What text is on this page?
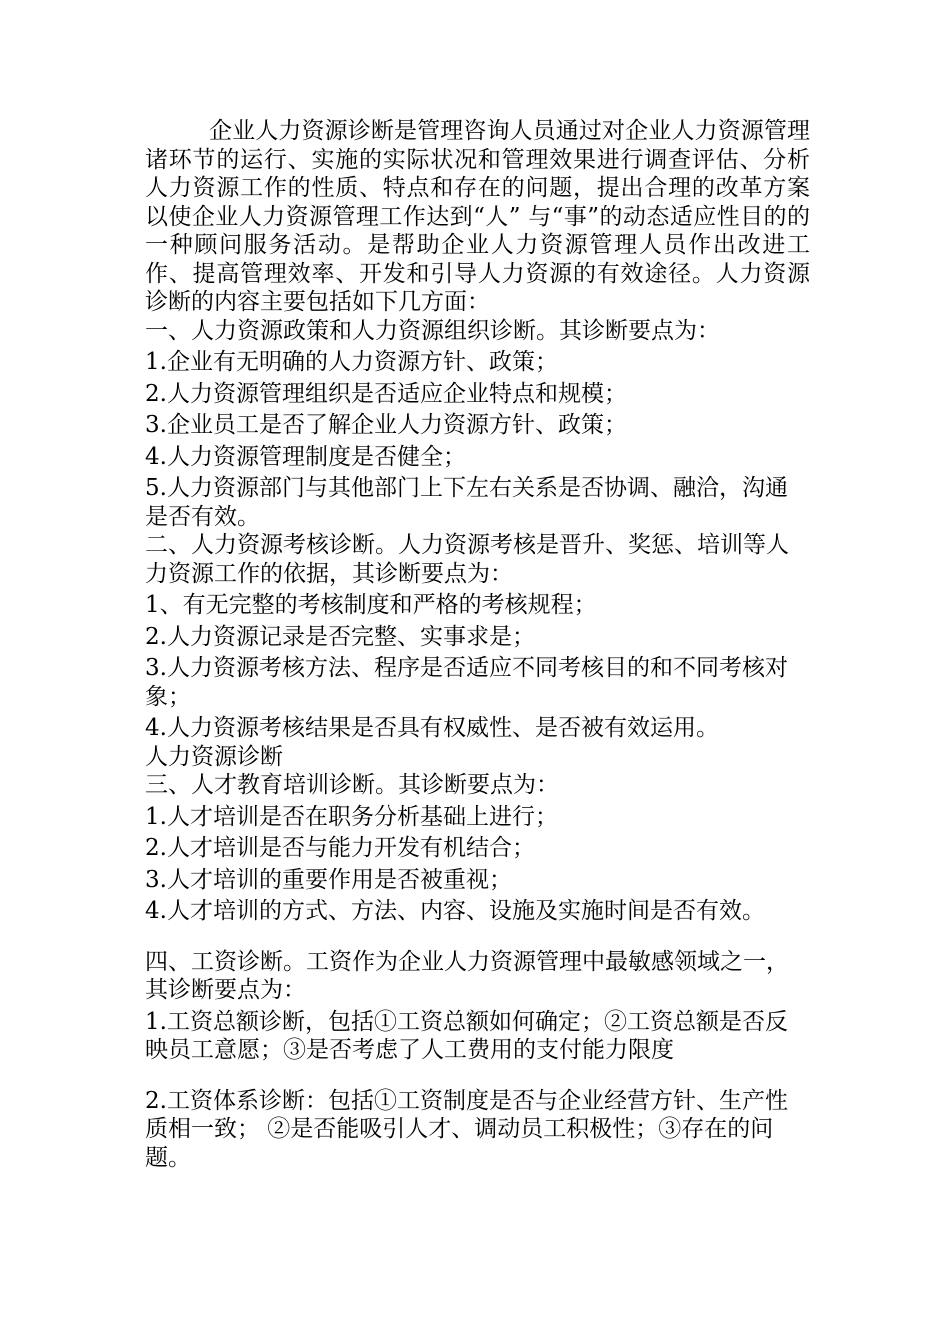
企业人力资源诊断是管理咨询人员通过对企业人力资源管理诸环节的运行、实施的实际状况和管理效果进行调查评估、分析人力资源工作的性质、特点和存在的问题，提出合理的改革方案以使企业人力资源管理工作达到“人” 与“事”的动态适应性目的的一种顾问服务活动。是帮助企业人力资源管理人员作出改进工作、提高管理效率、开发和引导人力资源的有效途径。人力资源诊断的内容主要包括如下几方面：

一、人力资源政策和人力资源组织诊断。其诊断要点为：

1.企业有无明确的人力资源方针、政策；

2.人力资源管理组织是否适应企业特点和规模；

3.企业员工是否了解企业人力资源方针、政策；

4.人力资源管理制度是否健全；

5.人力资源部门与其他部门上下左右关系是否协调、融洽，沟通是否有效。

二、人力资源考核诊断。人力资源考核是晋升、奖惩、培训等人力资源工作的依据，其诊断要点为：

1、有无完整的考核制度和严格的考核规程；

2.人力资源记录是否完整、实事求是；

3.人力资源考核方法、程序是否适应不同考核目的和不同考核对象；

4.人力资源考核结果是否具有权威性、是否被有效运用。

人力资源诊断

三、人才教育培训诊断。其诊断要点为：

1.人才培训是否在职务分析基础上进行；

2.人才培训是否与能力开发有机结合；

3.人才培训的重要作用是否被重视；

4.人才培训的方式、方法、内容、设施及实施时间是否有效。

四、工资诊断。工资作为企业人力资源管理中最敏感领域之一，其诊断要点为：

1.工资总额诊断，包括①工资总额如何确定；②工资总额是否反映员工意愿；③是否考虑了人工费用的支付能力限度

2.工资体系诊断：包括①工资制度是否与企业经营方针、生产性质相一致； ②是否能吸引人才、调动员工积极性；③存在的问题。
